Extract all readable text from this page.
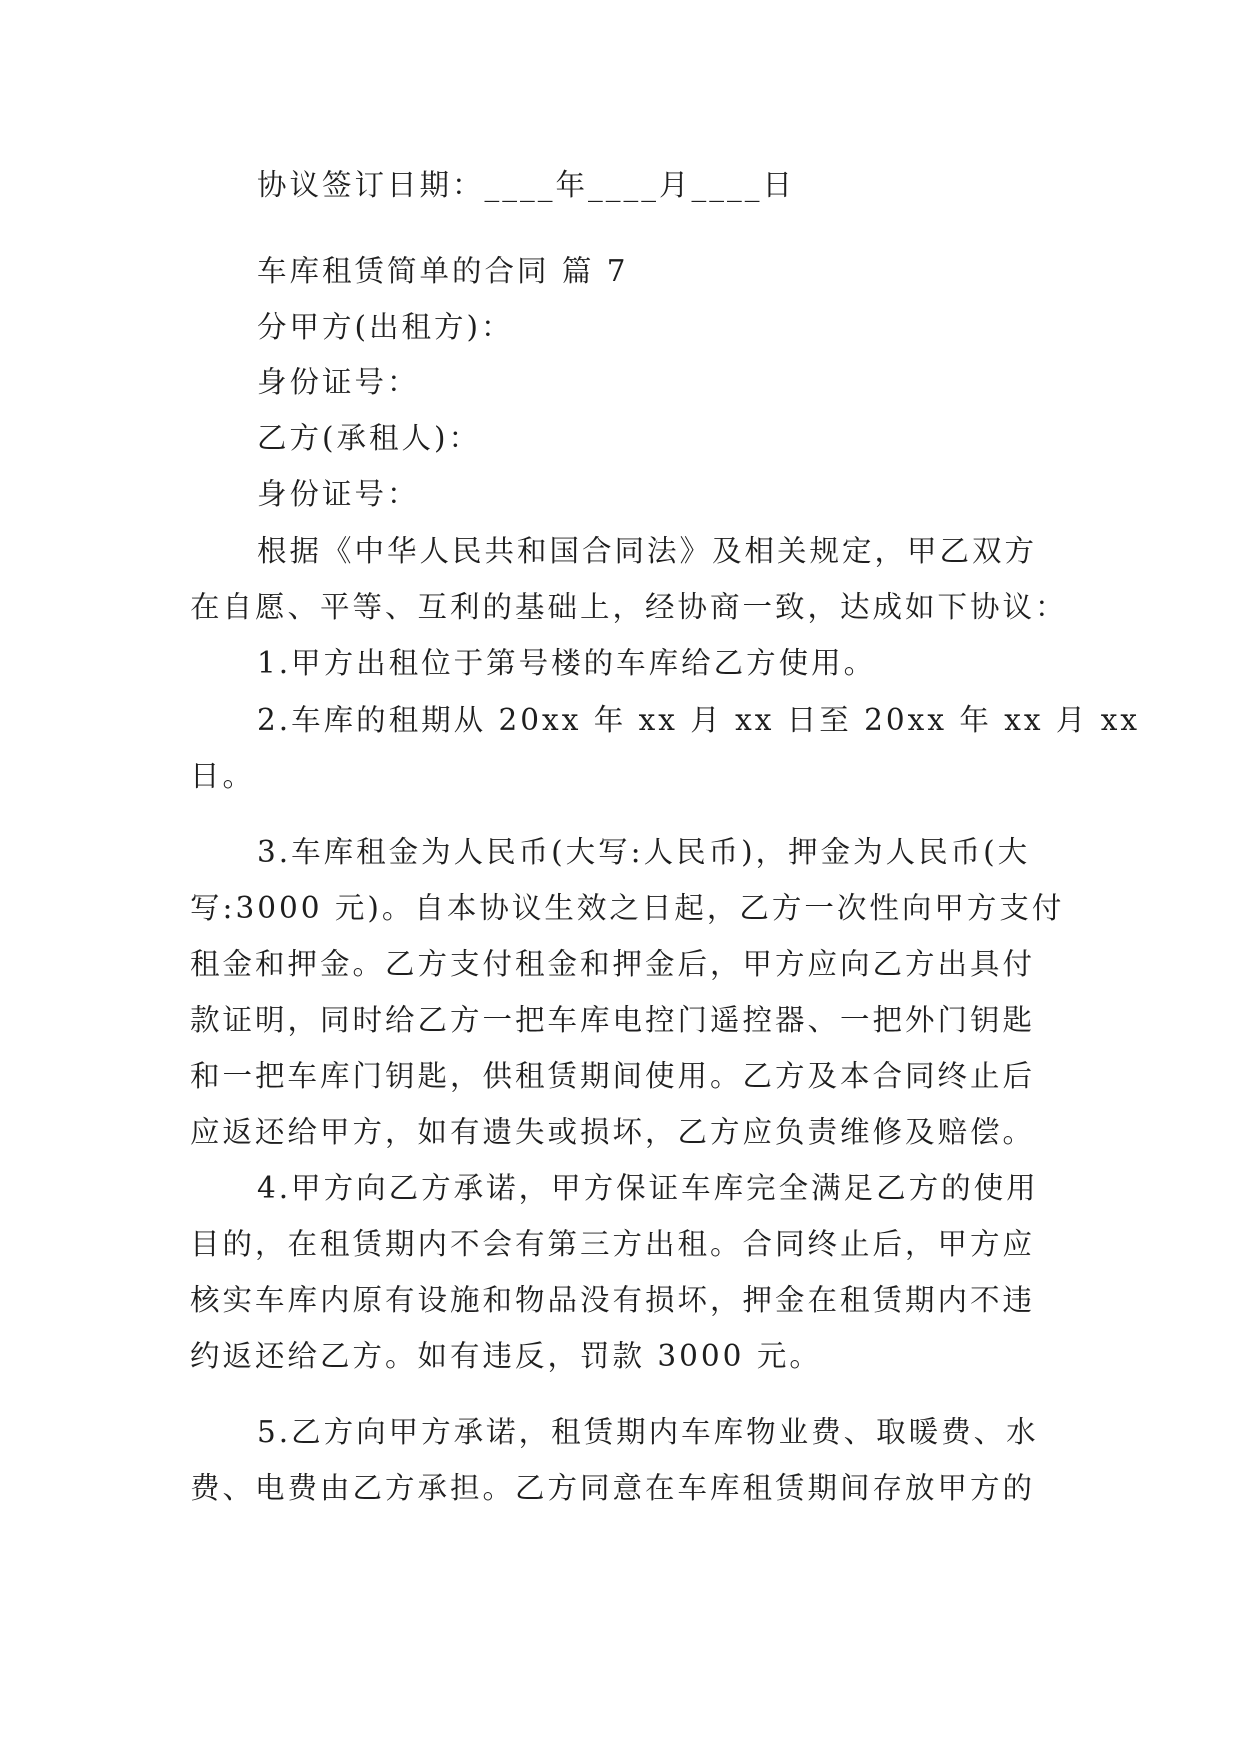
协议签订日期：____年____月____日

车库租赁简单的合同 篇 7

分甲方(出租方)：

身份证号：

乙方(承租人)：

身份证号：

根据《中华人民共和国合同法》及相关规定，甲乙双方

在自愿、平等、互利的基础上，经协商一致，达成如下协议：

1.甲方出租位于第号楼的车库给乙方使用。

2.车库的租期从 20xx 年 xx 月 xx 日至 20xx 年 xx 月 xx

日。

3.车库租金为人民币(大写:人民币)，押金为人民币(大

写:3000 元)。自本协议生效之日起，乙方一次性向甲方支付

租金和押金。乙方支付租金和押金后，甲方应向乙方出具付

款证明，同时给乙方一把车库电控门遥控器、一把外门钥匙

和一把车库门钥匙，供租赁期间使用。乙方及本合同终止后

应返还给甲方，如有遗失或损坏，乙方应负责维修及赔偿。

4.甲方向乙方承诺，甲方保证车库完全满足乙方的使用

目的，在租赁期内不会有第三方出租。合同终止后，甲方应

核实车库内原有设施和物品没有损坏，押金在租赁期内不违

约返还给乙方。如有违反，罚款 3000 元。

5.乙方向甲方承诺，租赁期内车库物业费、取暖费、水

费、电费由乙方承担。乙方同意在车库租赁期间存放甲方的
